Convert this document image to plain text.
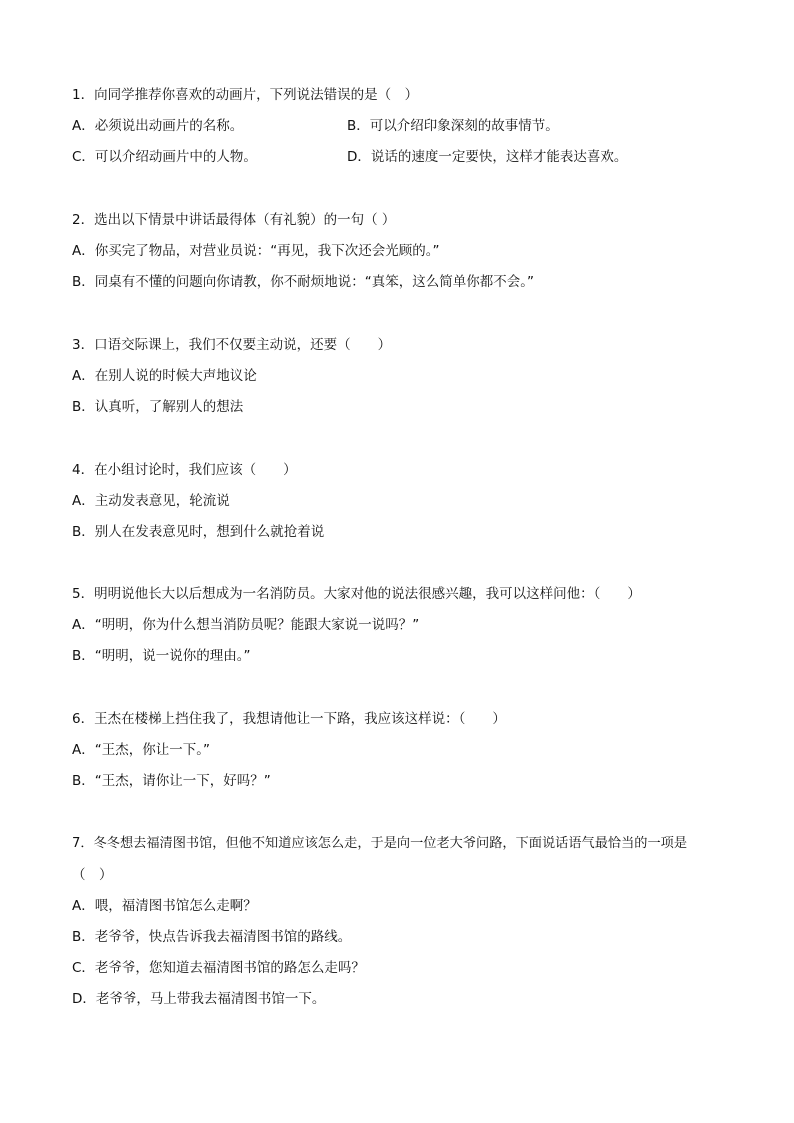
1．向同学推荐你喜欢的动画片，下列说法错误的是（　）
A．必须说出动画片的名称。	B．可以介绍印象深刻的故事情节。
C．可以介绍动画片中的人物。	D．说话的速度一定要快，这样才能表达喜欢。
2．选出以下情景中讲话最得体（有礼貌）的一句（ ）
A．你买完了物品，对营业员说：“再见，我下次还会光顾的。”
B．同桌有不懂的问题向你请教，你不耐烦地说：“真笨，这么简单你都不会。”
3．口语交际课上，我们不仅要主动说，还要（　　）
A．在别人说的时候大声地议论
B．认真听，了解别人的想法
4．在小组讨论时，我们应该（　　）
A．主动发表意见，轮流说
B．别人在发表意见时，想到什么就抢着说
5．明明说他长大以后想成为一名消防员。大家对他的说法很感兴趣，我可以这样问他：（　　）
A．“明明，你为什么想当消防员呢？能跟大家说一说吗？”
B．“明明，说一说你的理由。”
6．王杰在楼梯上挡住我了，我想请他让一下路，我应该这样说：（　　）
A．“王杰，你让一下。”
B．“王杰，请你让一下，好吗？”
7．冬冬想去福清图书馆，但他不知道应该怎么走，于是向一位老大爷问路，下面说话语气最恰当的一项是
（　）
A．喂，福清图书馆怎么走啊？
B．老爷爷，快点告诉我去福清图书馆的路线。
C．老爷爷，您知道去福清图书馆的路怎么走吗？
D．老爷爷，马上带我去福清图书馆一下。
